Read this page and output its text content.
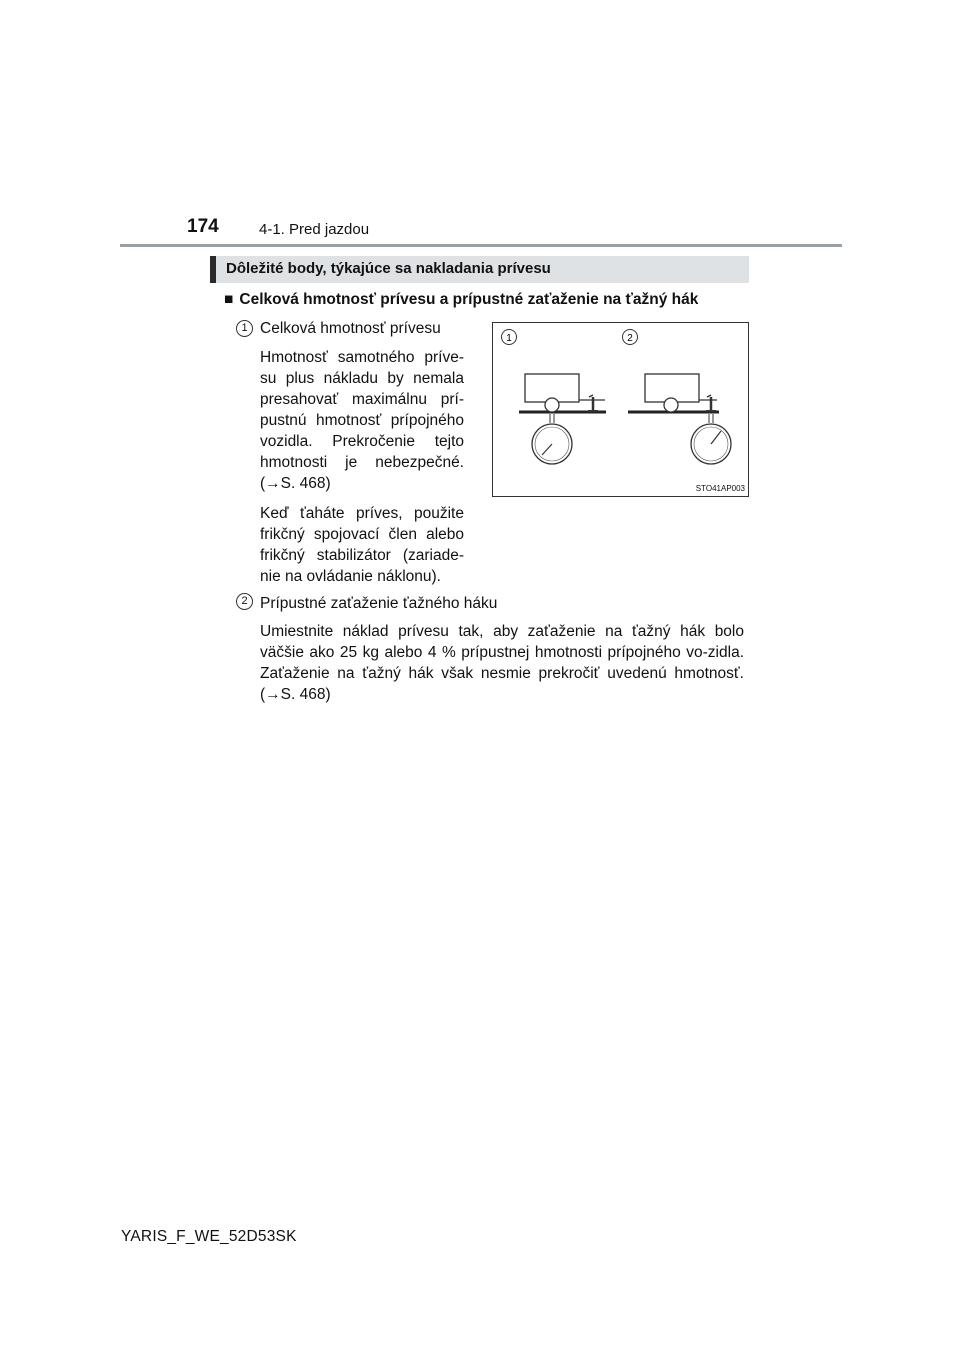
174	4-1. Pred jazdou
Dôležité body, týkajúce sa nakladania prívesu
■ Celková hmotnosť prívesu a prípustné zaťaženie na ťažný hák
1 Celková hmotnosť prívesu

Hmotnosť samotného príve-su plus nákladu by nemala presahovať maximálnu prí-pustnú hmotnosť prípojného vozidla. Prekročenie tejto hmotnosti je nebezpečné. (→S. 468)

Keď ťaháte príves, použite frikčný spojovací člen alebo frikčný stabilizátor (zariade-nie na ovládanie náklonu).

1	2
STO41AP003
2 Prípustné zaťaženie ťažného háku

Umiestnite náklad prívesu tak, aby zaťaženie na ťažný hák bolo väčšie ako 25 kg alebo 4 % prípustnej hmotnosti prípojného vo-zidla. Zaťaženie na ťažný hák však nesmie prekročiť uvedenú hmotnosť. (→S. 468)

YARIS_F_WE_52D53SK
